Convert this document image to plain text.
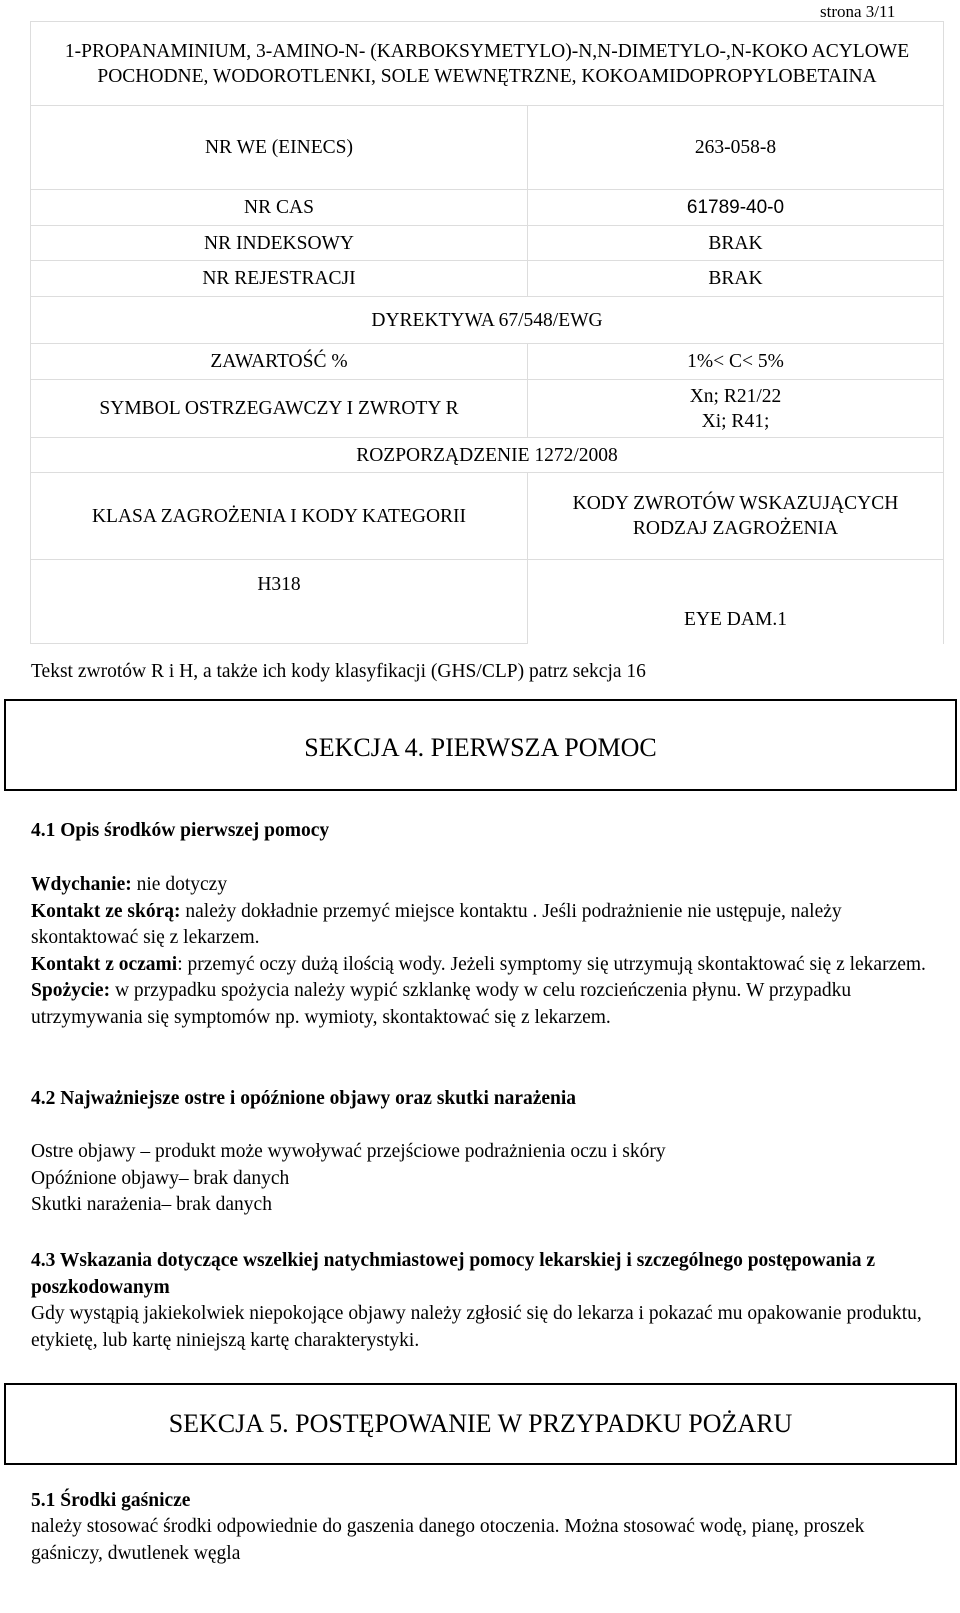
strona 3/11
1-PROPANAMINIUM, 3-AMINO-N- (KARBOKSYMETYLO)-N,N-DIMETYLO-,N-KOKO ACYLOWE POCHODNE, WODOROTLENKI, SOLE WEWNĘTRZNE, KOKOAMIDOPROPYLOBETAINA	
NR WE (EINECS)	263-058-8
NR CAS	61789-40-0
NR INDEKSOWY	BRAK
NR REJESTRACJI	BRAK
DYREKTYWA 67/548/EWG	
ZAWARTOŚĆ %	1%< C< 5%
SYMBOL OSTRZEGAWCZY I ZWROTY R	Xn; R21/22
Xi; R41;
ROZPORZĄDZENIE 1272/2008	
KLASA ZAGROŻENIA I KODY KATEGORII	KODY ZWROTÓW WSKAZUJĄCYCH RODZAJ ZAGROŻENIA
H318	EYE DAM.1
Tekst zwrotów R i H, a także ich kody klasyfikacji (GHS/CLP) patrz sekcja 16
SEKCJA 4. PIERWSZA POMOC
4.1 Opis środków pierwszej pomocy
Wdychanie: nie dotyczy
Kontakt ze skórą: należy dokładnie przemyć miejsce kontaktu . Jeśli podrażnienie nie ustępuje, należy skontaktować się z lekarzem.
Kontakt z oczami: przemyć oczy dużą ilością wody. Jeżeli symptomy się utrzymują skontaktować się z lekarzem.
Spożycie: w przypadku spożycia należy wypić szklankę wody w celu rozcieńczenia płynu. W przypadku utrzymywania się symptomów np. wymioty, skontaktować się z lekarzem.
4.2 Najważniejsze ostre i opóźnione objawy oraz skutki narażenia
Ostre objawy – produkt może wywoływać przejściowe podrażnienia oczu i skóry
Opóźnione objawy– brak danych
Skutki narażenia– brak danych
4.3 Wskazania dotyczące wszelkiej natychmiastowej pomocy lekarskiej i szczególnego postępowania z poszkodowanym
Gdy wystąpią jakiekolwiek niepokojące objawy należy zgłosić się do lekarza i pokazać mu opakowanie produktu, etykietę, lub kartę niniejszą kartę charakterystyki.
SEKCJA 5. POSTĘPOWANIE W PRZYPADKU POŻARU
5.1 Środki gaśnicze
należy stosować środki odpowiednie do gaszenia danego otoczenia. Można stosować wodę, pianę, proszek gaśniczy, dwutlenek węgla
